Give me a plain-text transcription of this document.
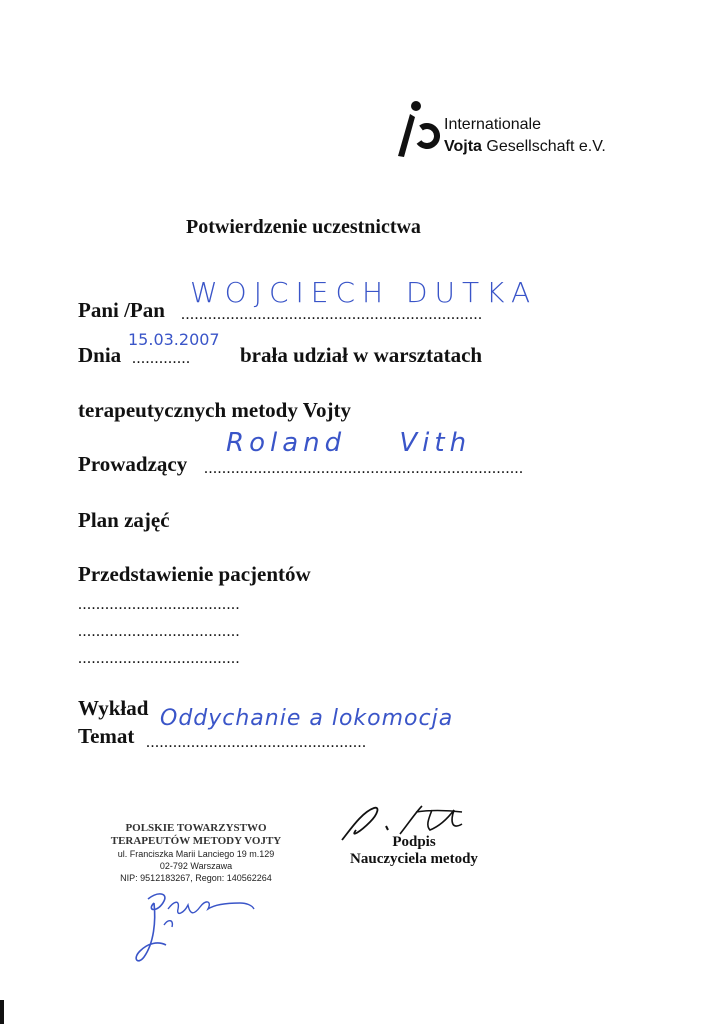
Internationale
Vojta Gesellschaft e.V.
Potwierdzenie uczestnictwa
Pani /Pan ...................................................................
WOJCIECH DUTKA
Dnia .............
15.03.2007
brała udział w warsztatach
terapeutycznych metody Vojty
Prowadzący .......................................................................
Roland Vith
Plan zajęć
Przedstawienie pacjentów
....................................
....................................
....................................
Wykład
Temat .................................................
Oddychanie a lokomocja
POLSKIE TOWARZYSTWO
TERAPEUTÓW METODY VOJTY
ul. Franciszka Marii Lanciego 19 m.129
02-792 Warszawa
NIP: 9512183267, Regon: 140562264
Podpis
Nauczyciela metody
